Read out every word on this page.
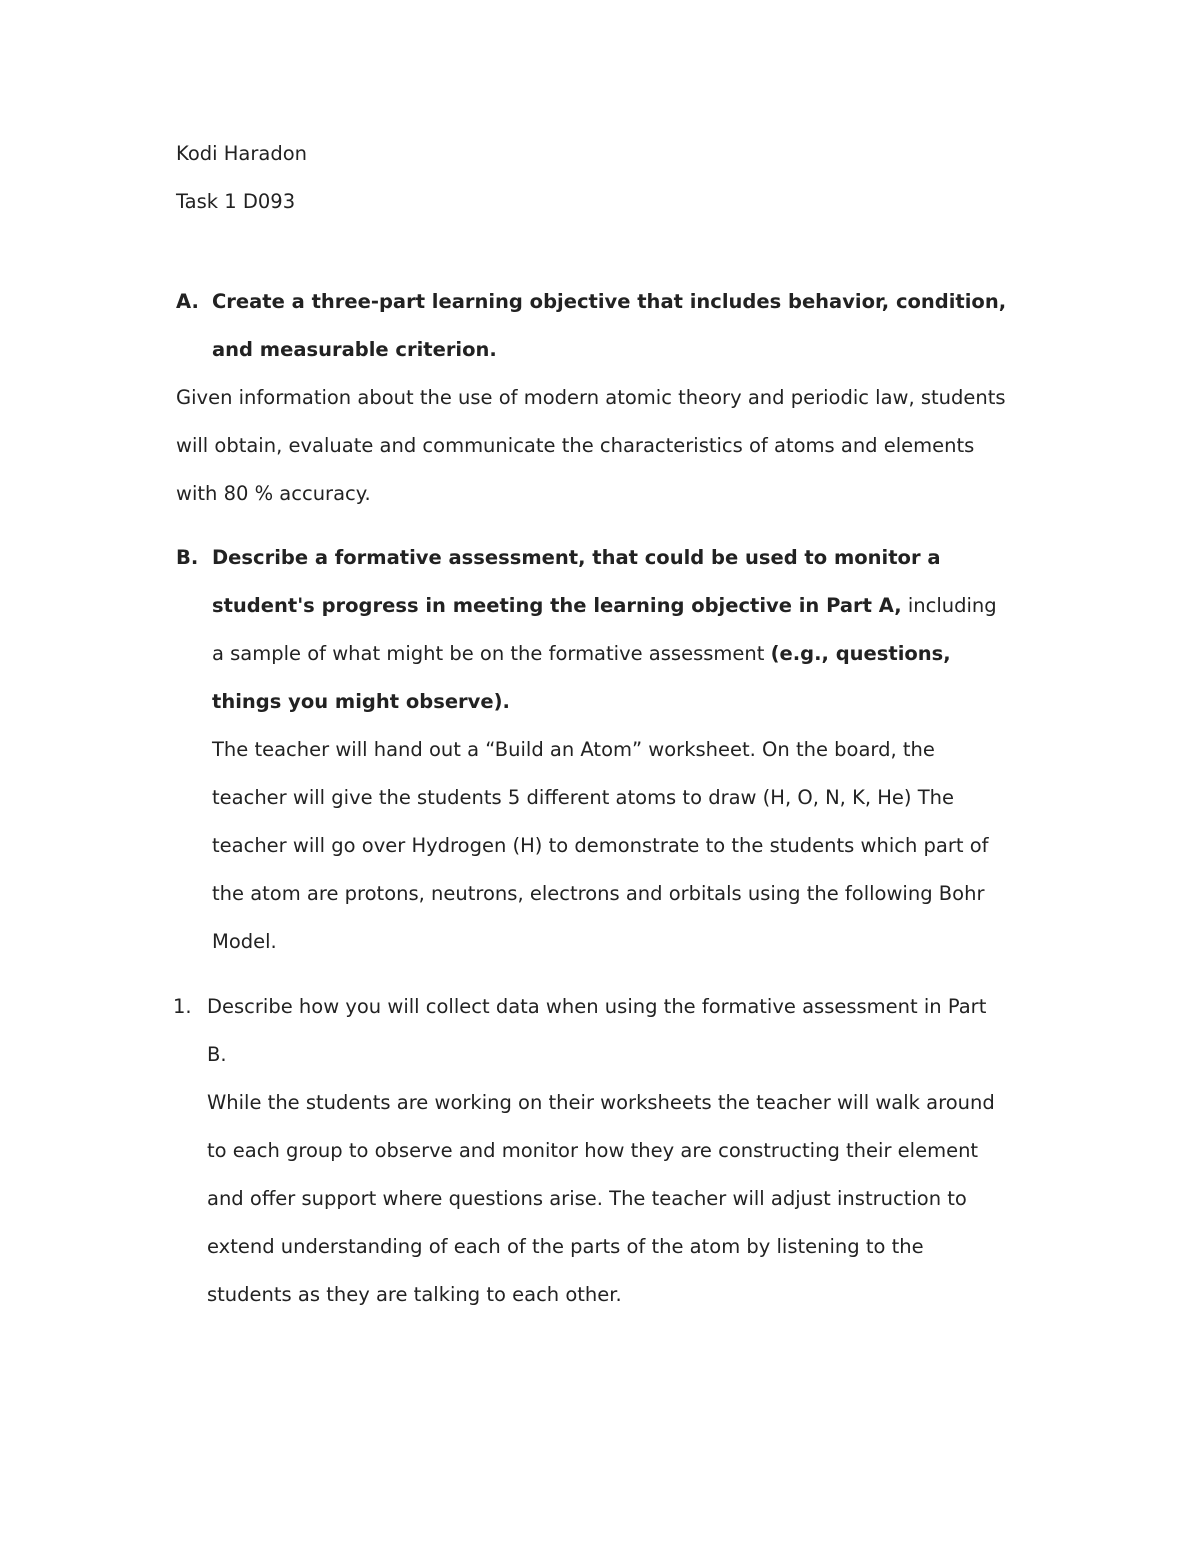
Kodi Haradon
Task 1 D093
A. Create a three-part learning objective that includes behavior, condition,
and measurable criterion.
Given information about the use of modern atomic theory and periodic law, students
will obtain, evaluate and communicate the characteristics of atoms and elements
with 80 % accuracy.
B. Describe a formative assessment, that could be used to monitor a
student's progress in meeting the learning objective in Part A, including
a sample of what might be on the formative assessment (e.g., questions,
things you might observe).
The teacher will hand out a “Build an Atom” worksheet. On the board, the
teacher will give the students 5 different atoms to draw (H, O, N, K, He) The
teacher will go over Hydrogen (H) to demonstrate to the students which part of
the atom are protons, neutrons, electrons and orbitals using the following Bohr
Model.
1. Describe how you will collect data when using the formative assessment in Part
B.
While the students are working on their worksheets the teacher will walk around
to each group to observe and monitor how they are constructing their element
and offer support where questions arise. The teacher will adjust instruction to
extend understanding of each of the parts of the atom by listening to the
students as they are talking to each other.
